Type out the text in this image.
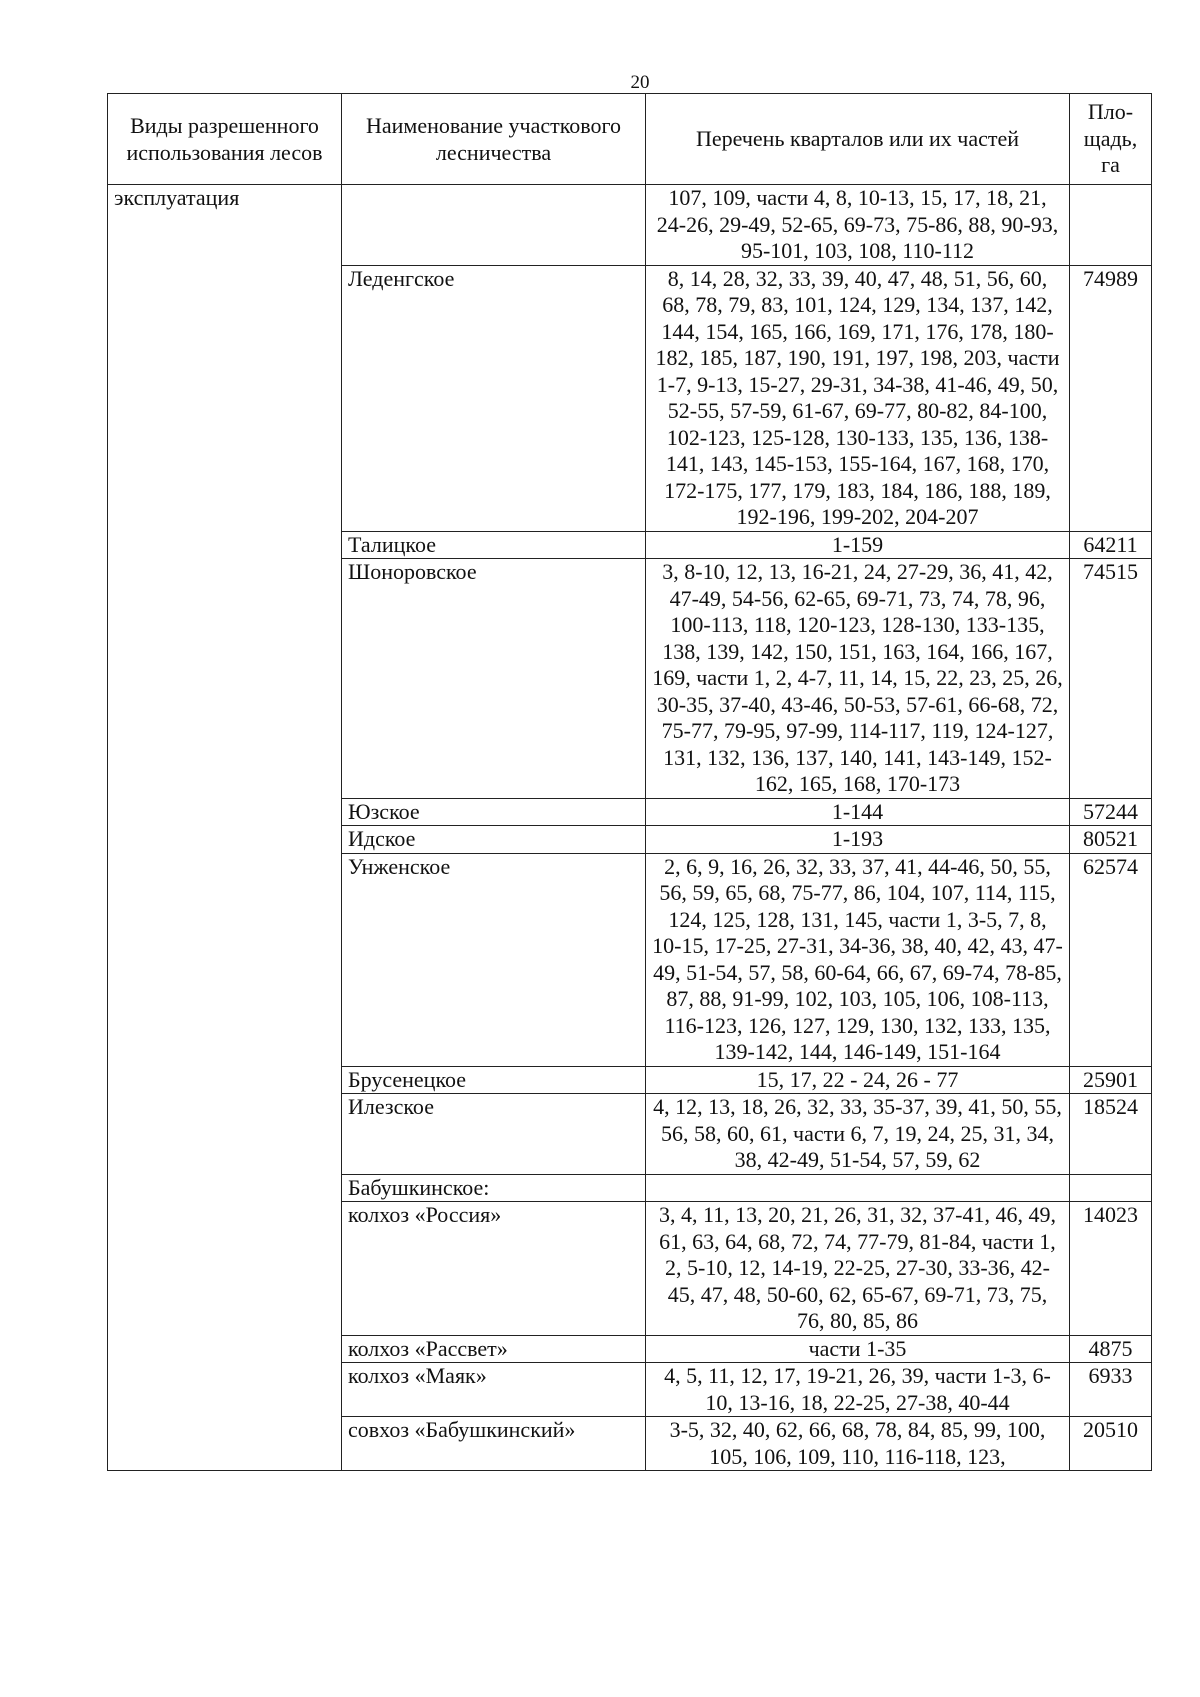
20
Виды разрешенного использования лесов	Наименование участкового лесничества	Перечень кварталов или их частей	Пло-щадь, га
эксплуатация		107, 109, части 4, 8, 10-13, 15, 17, 18, 21, 24-26, 29-49, 52-65, 69-73, 75-86, 88, 90-93, 95-101, 103, 108, 110-112	
	Леденгское	8, 14, 28, 32, 33, 39, 40, 47, 48, 51, 56, 60, 68, 78, 79, 83, 101, 124, 129, 134, 137, 142, 144, 154, 165, 166, 169, 171, 176, 178, 180-182, 185, 187, 190, 191, 197, 198, 203, части 1-7, 9-13, 15-27, 29-31, 34-38, 41-46, 49, 50, 52-55, 57-59, 61-67, 69-77, 80-82, 84-100, 102-123, 125-128, 130-133, 135, 136, 138-141, 143, 145-153, 155-164, 167, 168, 170, 172-175, 177, 179, 183, 184, 186, 188, 189, 192-196, 199-202, 204-207	74989
	Талицкое	1-159	64211
	Шоноровское	3, 8-10, 12, 13, 16-21, 24, 27-29, 36, 41, 42, 47-49, 54-56, 62-65, 69-71, 73, 74, 78, 96, 100-113, 118, 120-123, 128-130, 133-135, 138, 139, 142, 150, 151, 163, 164, 166, 167, 169, части 1, 2, 4-7, 11, 14, 15, 22, 23, 25, 26, 30-35, 37-40, 43-46, 50-53, 57-61, 66-68, 72, 75-77, 79-95, 97-99, 114-117, 119, 124-127, 131, 132, 136, 137, 140, 141, 143-149, 152-162, 165, 168, 170-173	74515
	Юзское	1-144	57244
	Идское	1-193	80521
	Унженское	2, 6, 9, 16, 26, 32, 33, 37, 41, 44-46, 50, 55, 56, 59, 65, 68, 75-77, 86, 104, 107, 114, 115, 124, 125, 128, 131, 145, части 1, 3-5, 7, 8, 10-15, 17-25, 27-31, 34-36, 38, 40, 42, 43, 47-49, 51-54, 57, 58, 60-64, 66, 67, 69-74, 78-85, 87, 88, 91-99, 102, 103, 105, 106, 108-113, 116-123, 126, 127, 129, 130, 132, 133, 135, 139-142, 144, 146-149, 151-164	62574
	Брусенецкое	15, 17, 22 - 24, 26 - 77	25901
	Илезское	4, 12, 13, 18, 26, 32, 33, 35-37, 39, 41, 50, 55, 56, 58, 60, 61, части 6, 7, 19, 24, 25, 31, 34, 38, 42-49, 51-54, 57, 59, 62	18524
	Бабушкинское:		
	колхоз «Россия»	3, 4, 11, 13, 20, 21, 26, 31, 32, 37-41, 46, 49, 61, 63, 64, 68, 72, 74, 77-79, 81-84, части 1, 2, 5-10, 12, 14-19, 22-25, 27-30, 33-36, 42-45, 47, 48, 50-60, 62, 65-67, 69-71, 73, 75, 76, 80, 85, 86	14023
	колхоз «Рассвет»	части 1-35	4875
	колхоз «Маяк»	4, 5, 11, 12, 17, 19-21, 26, 39, части 1-3, 6-10, 13-16, 18, 22-25, 27-38, 40-44	6933
	совхоз «Бабушкинский»	3-5, 32, 40, 62, 66, 68, 78, 84, 85, 99, 100, 105, 106, 109, 110, 116-118, 123,	20510
